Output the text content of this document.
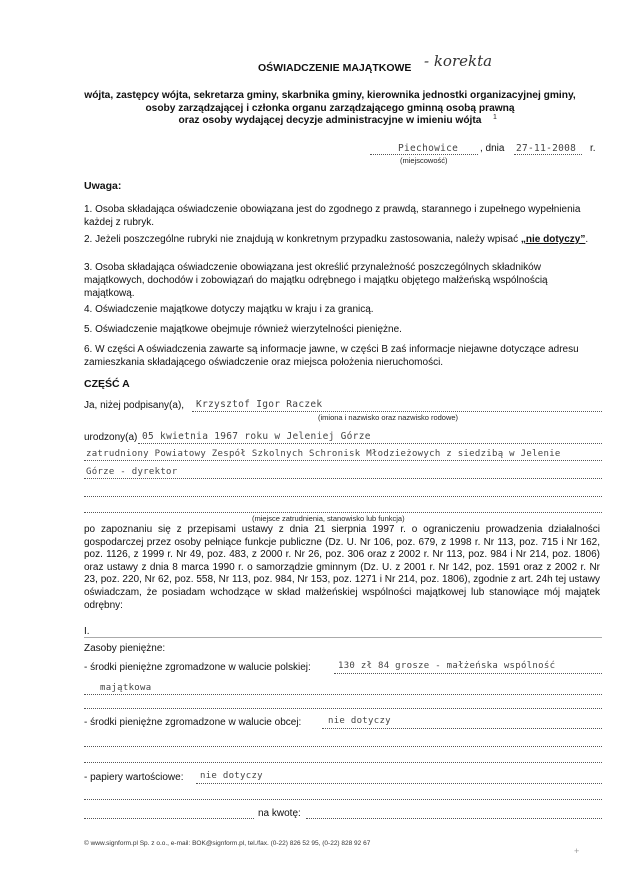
OŚWIADCZENIE MAJĄTKOWE - korekta
wójta, zastępcy wójta, sekretarza gminy, skarbnika gminy, kierownika jednostki organizacyjnej gminy,
osoby zarządzającej i członka organu zarządzającego gminną osobą prawną
oraz osoby wydającej decyzje administracyjne w imieniu wójta	1
Piechowice , dnia 27-11-2008 r.
(miejscowość)
Uwaga:
1. Osoba składająca oświadczenie obowiązana jest do zgodnego z prawdą, starannego i zupełnego wypełnienia każdej z rubryk.
2. Jeżeli poszczególne rubryki nie znajdują w konkretnym przypadku zastosowania, należy wpisać „nie dotyczy”.
3. Osoba składająca oświadczenie obowiązana jest określić przynależność poszczególnych składników majątkowych, dochodów i zobowiązań do majątku odrębnego i majątku objętego małżeńską wspólnością majątkową.
4. Oświadczenie majątkowe dotyczy majątku w kraju i za granicą.
5. Oświadczenie majątkowe obejmuje również wierzytelności pieniężne.
6. W części A oświadczenia zawarte są informacje jawne, w części B zaś informacje niejawne dotyczące adresu zamieszkania składającego oświadczenie oraz miejsca położenia nieruchomości.
CZĘŚĆ A
Ja, niżej podpisany(a), Krzysztof Igor Raczek
(imiona i nazwisko oraz nazwisko rodowe)
urodzony(a) 05 kwietnia 1967 roku w Jeleniej Górze
zatrudniony Powiatowy Zespół Szkolnych Schronisk Młodzieżowych z siedzibą w Jelenie
Górze - dyrektor
(miejsce zatrudnienia, stanowisko lub funkcja)
po zapoznaniu się z przepisami ustawy z dnia 21 sierpnia 1997 r. o ograniczeniu prowadzenia działalności gospodarczej przez osoby pełniące funkcje publiczne (Dz. U. Nr 106, poz. 679, z 1998 r. Nr 113, poz. 715 i Nr 162, poz. 1126, z 1999 r. Nr 49, poz. 483, z 2000 r. Nr 26, poz. 306 oraz z 2002 r. Nr 113, poz. 984 i Nr 214, poz. 1806) oraz ustawy z dnia 8 marca 1990 r. o samorządzie gminnym (Dz. U. z 2001 r. Nr 142, poz. 1591 oraz z 2002 r. Nr 23, poz. 220, Nr 62, poz. 558, Nr 113, poz. 984, Nr 153, poz. 1271 i Nr 214, poz. 1806), zgodnie z art. 24h tej ustawy oświadczam, że posiadam wchodzące w skład małżeńskiej wspólności majątkowej lub stanowiące mój majątek odrębny:
I.
Zasoby pieniężne:
- środki pieniężne zgromadzone w walucie polskiej:	130 zł 84 grosze - małżeńska wspólność
majątkowa
- środki pieniężne zgromadzone w walucie obcej:	nie dotyczy
- papiery wartościowe: nie dotyczy
na kwotę:
© www.signform.pl Sp. z o.o., e-mail: BOK@signform.pl, tel./fax. (0-22) 826 52 95, (0-22) 828 92 67
+
